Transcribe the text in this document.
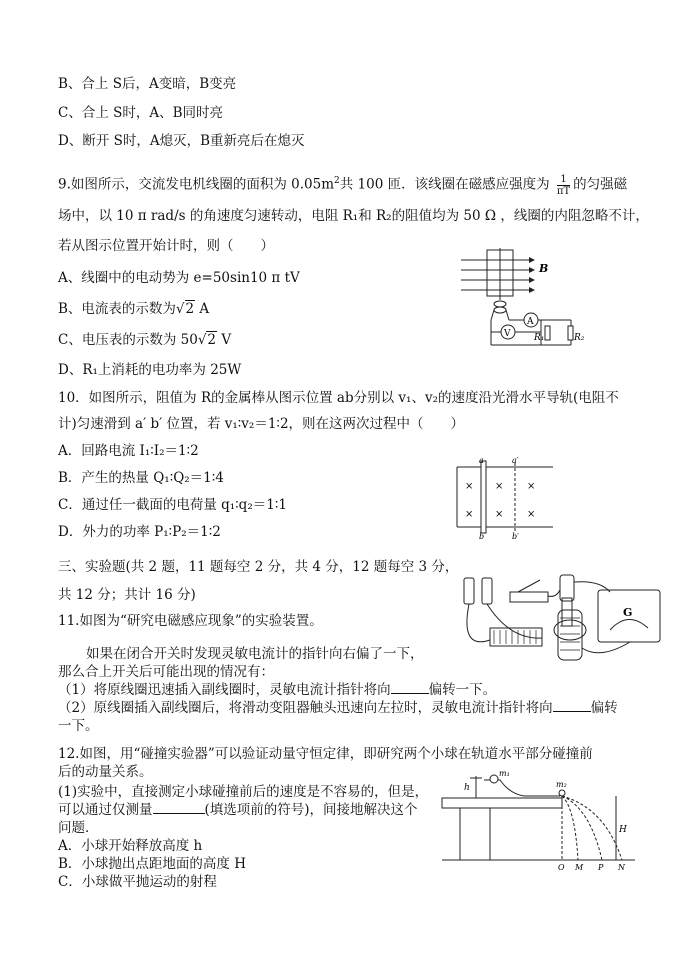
B、合上 S后，A变暗，B变亮
C、合上 S时，A、B同时亮
D、断开 S时，A熄灭，B重新亮后在熄灭
9.如图所示，交流发电机线圈的面积为 $0.05m^2$共 100 匝．该线圈在磁感应强度为 $\frac{1}{\pi T}$ 的匀强磁
场中，以 10 π rad/s 的角速度匀速转动，电阻 R₁和 R₂的阻值均为 50 Ω ，线圈的内阻忽略不计，
若从图示位置开始计时，则（　　）
A、线圈中的电动势为 e=50sin10 π tV
B、电流表的示数为√2 A
C、电压表的示数为 50√2 V
D、R₁上消耗的电功率为 25W
B
V
A
R₁	R₂
10．如图所示，阻值为 R的金属棒从图示位置 ab分别以 v₁、v₂的速度沿光滑水平导轨(电阻不
计)匀速滑到 a′ b′ 位置，若 v₁∶v₂＝1∶2，则在这两次过程中（　　）
A．回路电流 I₁∶I₂＝1∶2
B．产生的热量 Q₁∶Q₂＝1∶4
C．通过任一截面的电荷量 q₁∶q₂＝1∶1
D．外力的功率 P₁∶P₂＝1∶2
a
b
a′
b′
× × ×
× × ×
三、实验题(共 2 题，11 题每空 2 分，共 4 分，12 题每空 3 分，
共 12 分；共计 16 分)
11.如图为“研究电磁感应现象”的实验装置。
如果在闭合开关时发现灵敏电流计的指针向右偏了一下，
那么合上开关后可能出现的情况有：
（1）将原线圈迅速插入副线圈时，灵敏电流计指针将向	偏转一下。
（2）原线圈插入副线圈后，将滑动变阻器触头迅速向左拉时，灵敏电流计指针将向	偏转
一下。
G
12.如图，用“碰撞实验器”可以验证动量守恒定律，即研究两个小球在轨道水平部分碰撞前
后的动量关系。
(1)实验中，直接测定小球碰撞前后的速度是不容易的，但是，
可以通过仅测量	(填选项前的符号)，间接地解决这个
问题．
A．小球开始释放高度 h
B．小球抛出点距地面的高度 H
C．小球做平抛运动的射程
m₁
m₂
h
H
O M P N
